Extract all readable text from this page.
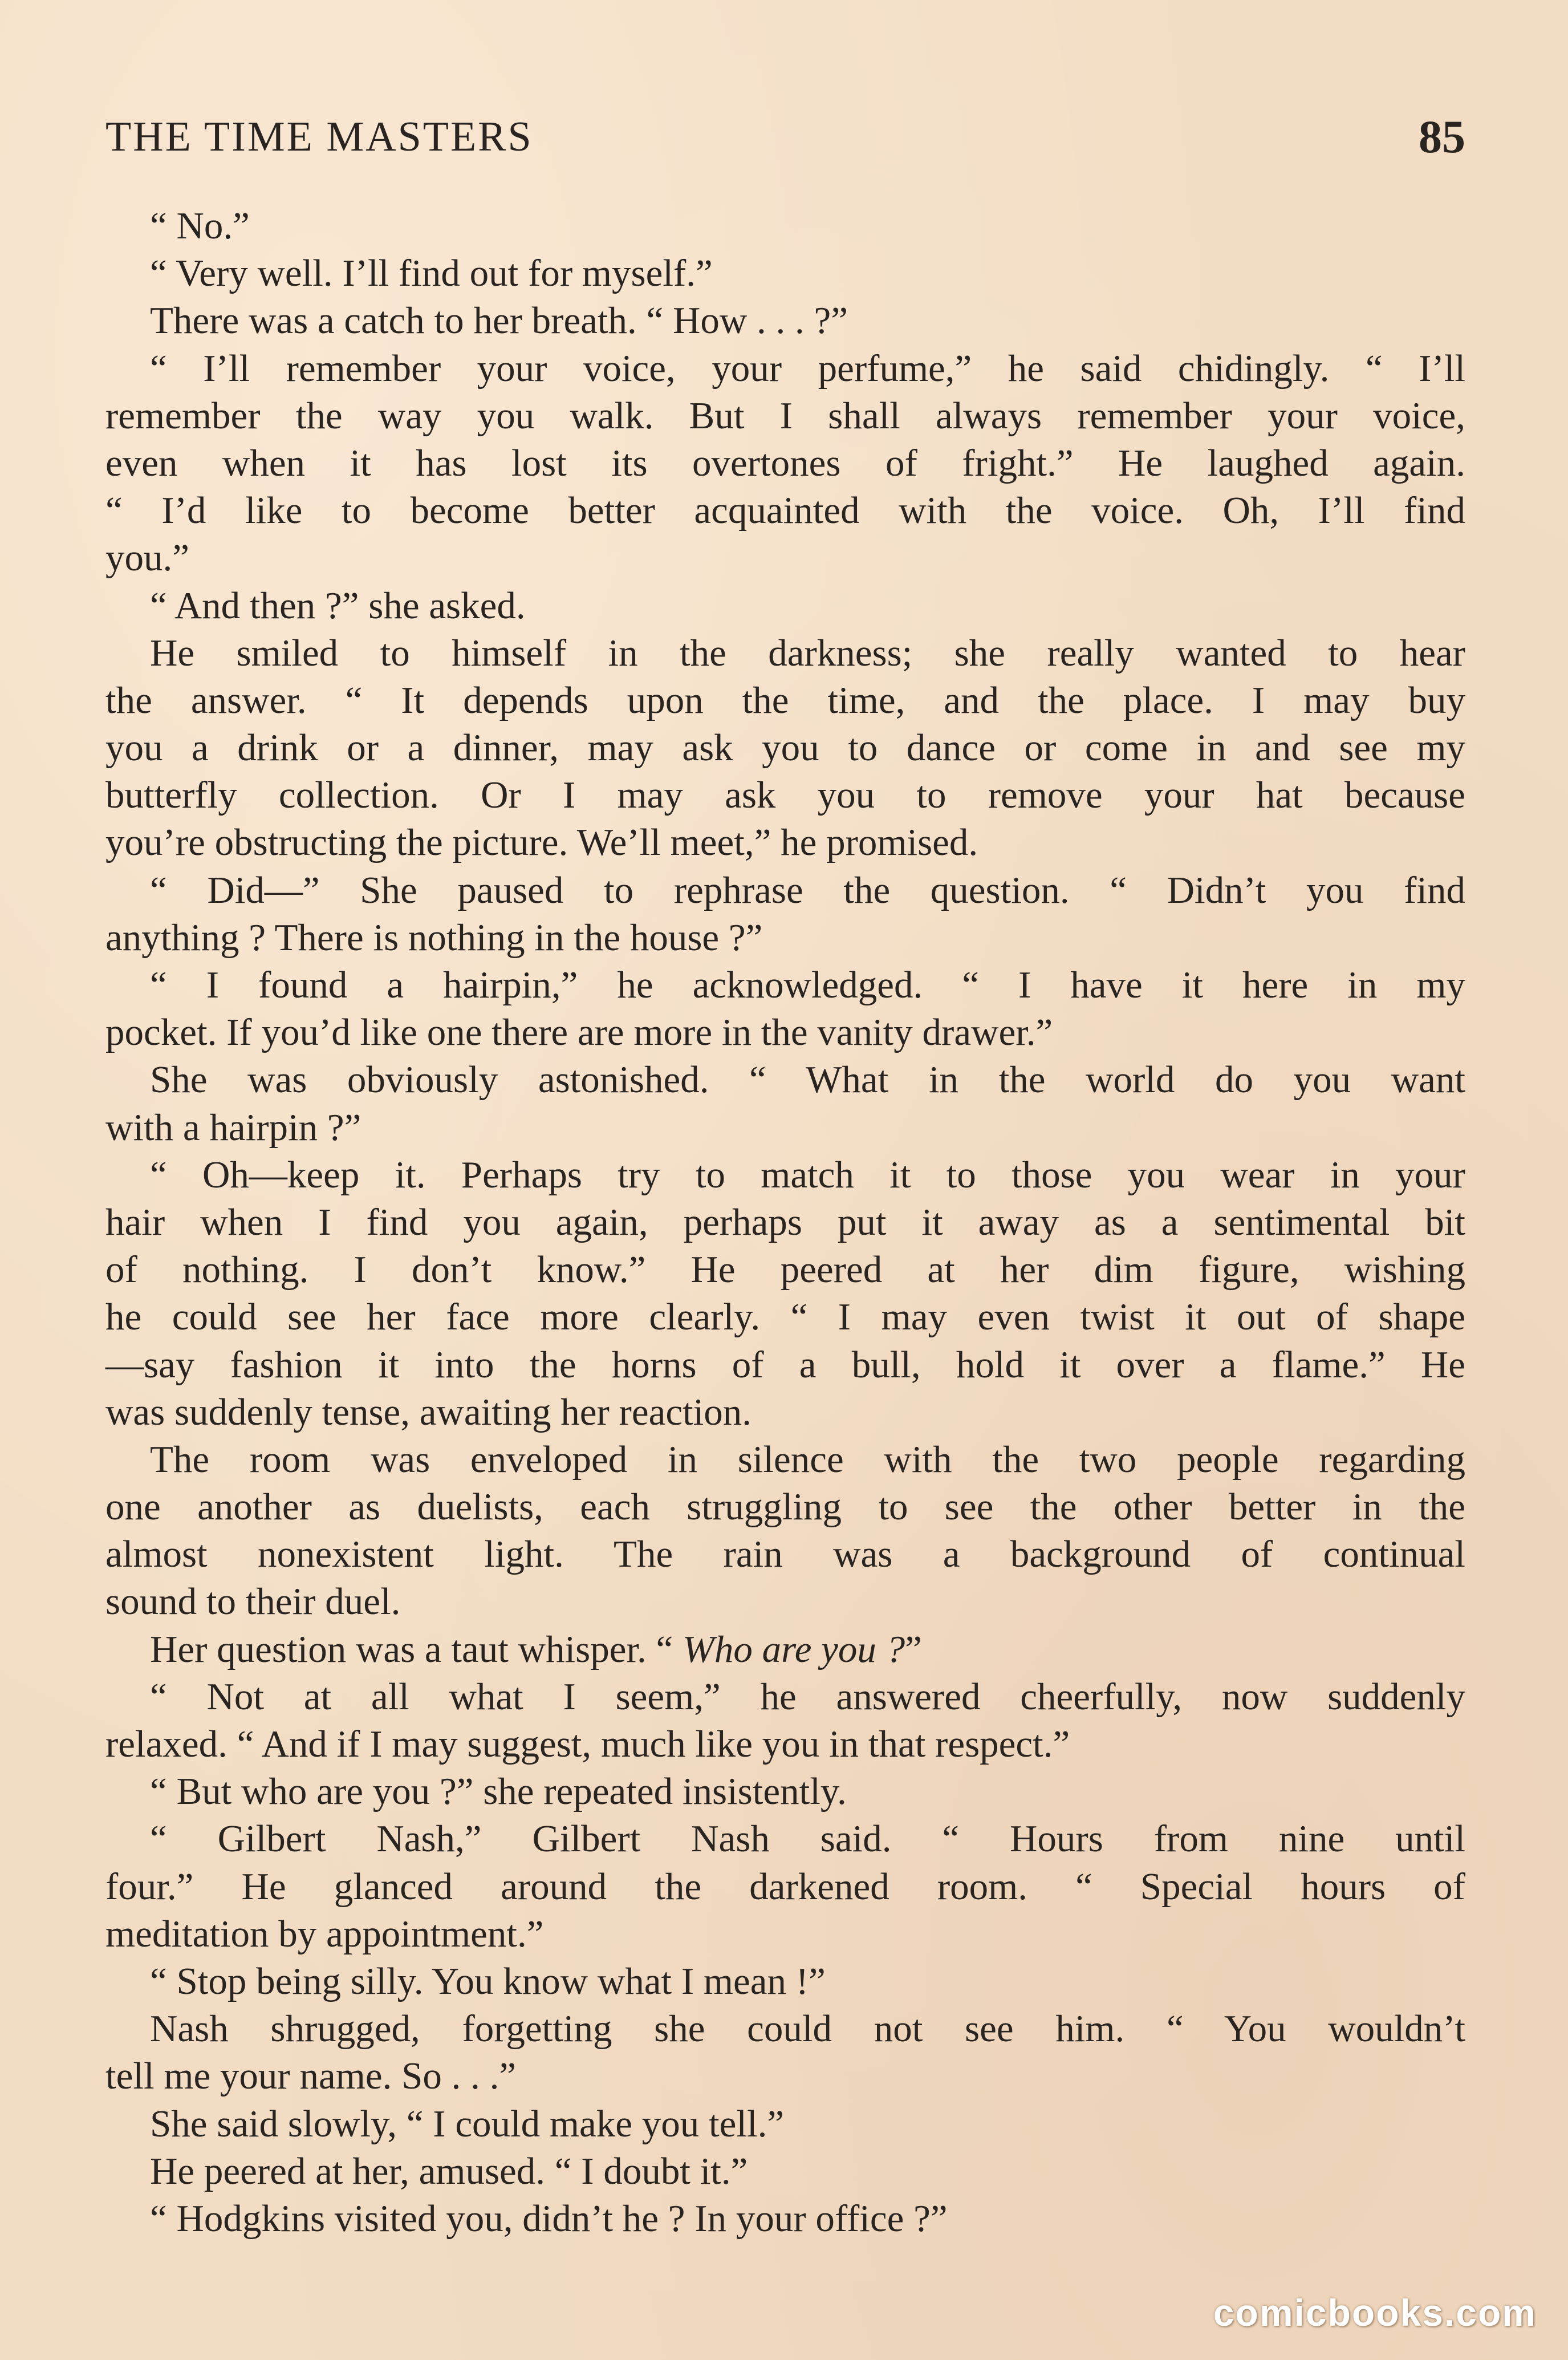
THE TIME MASTERS	85
“ No.”
“ Very well. I’ll find out for myself.”
There was a catch to her breath. “ How . . . ?”
“ I’ll remember your voice, your perfume,” he said chidingly. “ I’ll
remember the way you walk. But I shall always remember your voice,
even when it has lost its overtones of fright.” He laughed again.
“ I’d like to become better acquainted with the voice. Oh, I’ll find
you.”
“ And then ?” she asked.
He smiled to himself in the darkness; she really wanted to hear
the answer. “ It depends upon the time, and the place. I may buy
you a drink or a dinner, may ask you to dance or come in and see my
butterfly collection. Or I may ask you to remove your hat because
you’re obstructing the picture. We’ll meet,” he promised.
“ Did—” She paused to rephrase the question. “ Didn’t you find
anything ? There is nothing in the house ?”
“ I found a hairpin,” he acknowledged. “ I have it here in my
pocket. If you’d like one there are more in the vanity drawer.”
She was obviously astonished. “ What in the world do you want
with a hairpin ?”
“ Oh—keep it. Perhaps try to match it to those you wear in your
hair when I find you again, perhaps put it away as a sentimental bit
of nothing. I don’t know.” He peered at her dim figure, wishing
he could see her face more clearly. “ I may even twist it out of shape
—say fashion it into the horns of a bull, hold it over a flame.” He
was suddenly tense, awaiting her reaction.
The room was enveloped in silence with the two people regarding
one another as duelists, each struggling to see the other better in the
almost nonexistent light. The rain was a background of continual
sound to their duel.
Her question was a taut whisper. “ Who are you ?”
“ Not at all what I seem,” he answered cheerfully, now suddenly
relaxed. “ And if I may suggest, much like you in that respect.”
“ But who are you ?” she repeated insistently.
“ Gilbert Nash,” Gilbert Nash said. “ Hours from nine until
four.” He glanced around the darkened room. “ Special hours of
meditation by appointment.”
“ Stop being silly. You know what I mean !”
Nash shrugged, forgetting she could not see him. “ You wouldn’t
tell me your name. So . . .”
She said slowly, “ I could make you tell.”
He peered at her, amused. “ I doubt it.”
“ Hodgkins visited you, didn’t he ? In your office ?”
comicbooks.com
